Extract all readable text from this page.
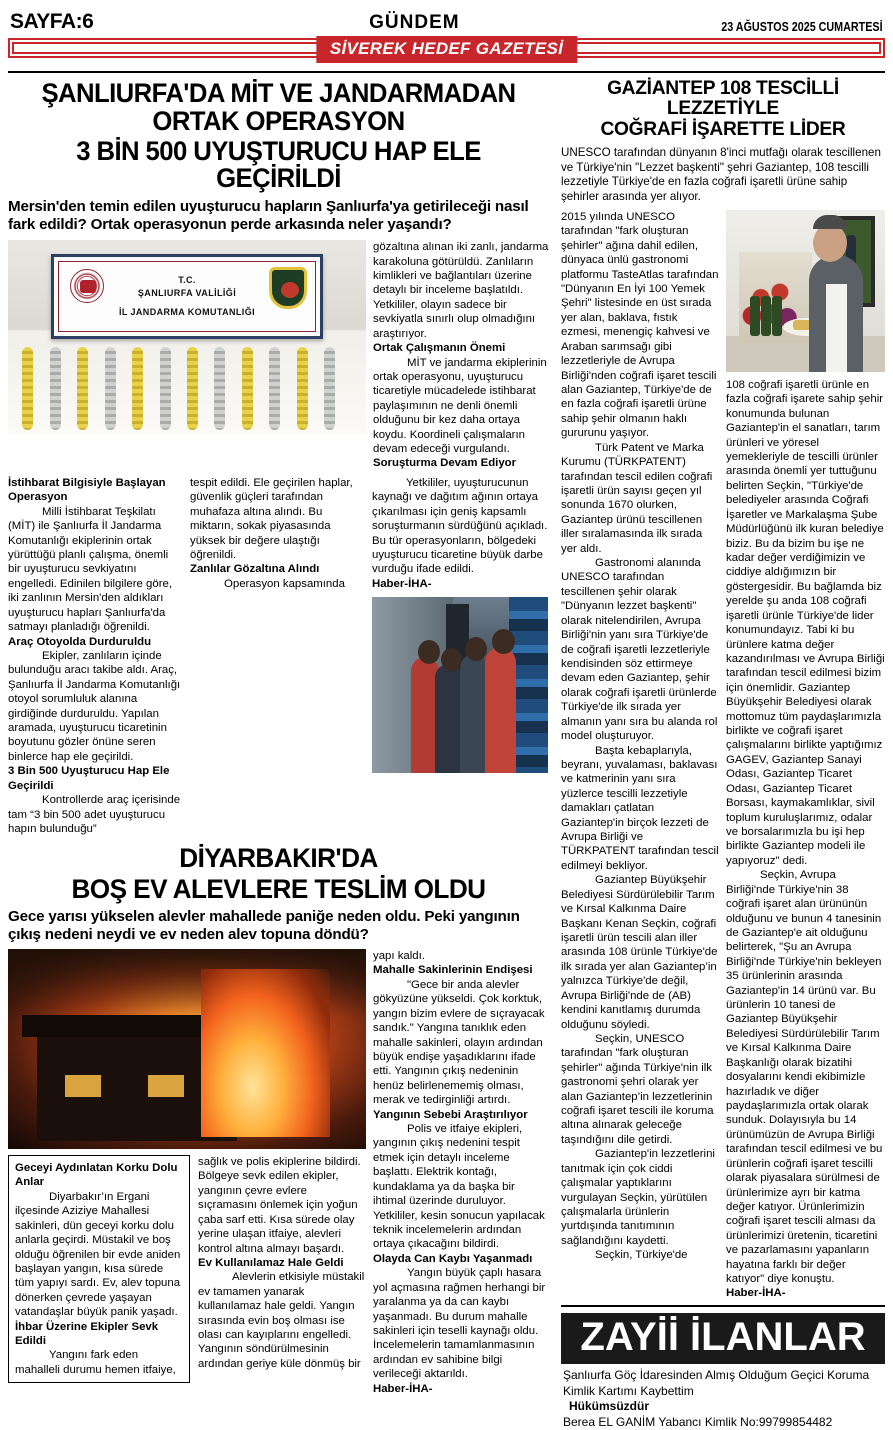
SAYFA:6	GÜNDEM	23 AĞUSTOS 2025 CUMARTESİ
SİVEREK HEDEF GAZETESİ
ŞANLIURFA'DA MİT VE JANDARMADAN ORTAK OPERASYON
3 BİN 500 UYUŞTURUCU HAP ELE GEÇİRİLDİ
Mersin'den temin edilen uyuşturucu hapların Şanlıurfa'ya getirileceği nasıl fark edildi? Ortak operasyonun perde arkasında neler yaşandı?
T.C.
ŞANLIURFA VALİLİĞİ
İL JANDARMA KOMUTANLIĞI

gözaltına alınan iki zanlı, jandarma karakoluna götürüldü. Zanlıların kimlikleri ve bağlantıları üzerine detaylı bir inceleme başlatıldı. Yetkililer, olayın sadece bir sevkiyatla sınırlı olup olmadığını araştırıyor.

Ortak Çalışmanın Önemi

MİT ve jandarma ekiplerinin ortak operasyonu, uyuşturucu ticaretiyle mücadelede istihbarat paylaşımının ne denli önemli olduğunu bir kez daha ortaya koydu. Koordineli çalışmaların devam edeceği vurgulandı.

Soruşturma Devam Ediyor

İstihbarat Bilgisiyle Başlayan Operasyon

Milli İstihbarat Teşkilatı (MİT) ile Şanlıurfa İl Jandarma Komutanlığı ekiplerinin ortak yürüttüğü planlı çalışma, önemli bir uyuşturucu sevkiyatını engelledi. Edinilen bilgilere göre, iki zanlının Mersin'den aldıkları uyuşturucu hapları Şanlıurfa'da satmayı planladığı öğrenildi.

Araç Otoyolda Durduruldu

Ekipler, zanlıların içinde bulunduğu aracı takibe aldı. Araç, Şanlıurfa İl Jandarma Komutanlığı otoyol sorumluluk alanına girdiğinde durduruldu. Yapılan aramada, uyuşturucu ticaretinin boyutunu gözler önüne seren binlerce hap ele geçirildi.

3 Bin 500 Uyuşturucu Hap Ele Geçirildi

Kontrollerde araç içerisinde tam “3 bin 500 adet uyuşturucu hapın bulunduğu”

tespit edildi. Ele geçirilen haplar, güvenlik güçleri tarafından muhafaza altına alındı. Bu miktarın, sokak piyasasında yüksek bir değere ulaştığı öğrenildi.

Zanlılar Gözaltına Alındı

Operasyon kapsamında

Yetkililer, uyuşturucunun kaynağı ve dağıtım ağının ortaya çıkarılması için geniş kapsamlı soruşturmanın sürdüğünü açıkladı. Bu tür operasyonların, bölgedeki uyuşturucu ticaretine büyük darbe vurduğu ifade edildi.

Haber-İHA-

DİYARBAKIR'DA
BOŞ EV ALEVLERE TESLİM OLDU
Gece yarısı yükselen alevler mahallede paniğe neden oldu. Peki yangının çıkış nedeni neydi ve ev neden alev topuna döndü?

Geceyi Aydınlatan Korku Dolu Anlar

Diyarbakır’ın Ergani ilçesinde Aziziye Mahallesi sakinleri, dün geceyi korku dolu anlarla geçirdi. Müstakil ve boş olduğu öğrenilen bir evde aniden başlayan yangın, kısa sürede tüm yapıyı sardı. Ev, alev topuna dönerken çevrede yaşayan vatandaşlar büyük panik yaşadı.

İhbar Üzerine Ekipler Sevk Edildi

Yangını fark eden mahalleli durumu hemen itfaiye,

sağlık ve polis ekiplerine bildirdi. Bölgeye sevk edilen ekipler, yangının çevre evlere sıçramasını önlemek için yoğun çaba sarf etti. Kısa sürede olay yerine ulaşan itfaiye, alevleri kontrol altına almayı başardı.

Ev Kullanılamaz Hale Geldi

Alevlerin etkisiyle müstakil ev tamamen yanarak kullanılamaz hale geldi. Yangın sırasında evin boş olması ise olası can kayıplarını engelledi. Yangının söndürülmesinin ardından geriye küle dönmüş bir

yapı kaldı.

Mahalle Sakinlerinin Endişesi

"Gece bir anda alevler gökyüzüne yükseldi. Çok korktuk, yangın bizim evlere de sıçrayacak sandık." Yangına tanıklık eden mahalle sakinleri, olayın ardından büyük endişe yaşadıklarını ifade etti. Yangının çıkış nedeninin henüz belirlenememiş olması, merak ve tedirginliği artırdı.

Yangının Sebebi Araştırılıyor

Polis ve itfaiye ekipleri, yangının çıkış nedenini tespit etmek için detaylı inceleme başlattı. Elektrik kontağı, kundaklama ya da başka bir ihtimal üzerinde duruluyor. Yetkililer, kesin sonucun yapılacak teknik incelemelerin ardından ortaya çıkacağını bildirdi.

Olayda Can Kaybı Yaşanmadı

Yangın büyük çaplı hasara yol açmasına rağmen herhangi bir yaralanma ya da can kaybı yaşanmadı. Bu durum mahalle sakinleri için teselli kaynağı oldu. İncelemelerin tamamlanmasının ardından ev sahibine bilgi verileceği aktarıldı.

Haber-İHA-

GAZİANTEP 108 TESCİLLİ LEZZETİYLE
COĞRAFİ İŞARETTE LİDER
UNESCO tarafından dünyanın 8'inci mutfağı olarak tescillenen ve Türkiye'nin "Lezzet başkenti" şehri Gaziantep, 108 tescilli lezzetiyle Türkiye'de en fazla coğrafi işaretli ürüne sahip şehirler arasında yer alıyor.

2015 yılında UNESCO tarafından "fark oluşturan şehirler" ağına dahil edilen, dünyaca ünlü gastronomi platformu TasteAtlas tarafından "Dünyanın En İyi 100 Yemek Şehri" listesinde en üst sırada yer alan, baklava, fıstık ezmesi, menengiç kahvesi ve Araban sarımsağı gibi lezzetleriyle de Avrupa Birliği'nden coğrafi işaret tescili alan Gaziantep, Türkiye'de de en fazla coğrafi işaretli ürüne sahip şehir olmanın haklı gururunu yaşıyor.

Türk Patent ve Marka Kurumu (TÜRKPATENT) tarafından tescil edilen coğrafi işaretli ürün sayısı geçen yıl sonunda 1670 olurken, Gaziantep ürünü tescillenen iller sıralamasında ilk sırada yer aldı.

Gastronomi alanında UNESCO tarafından tescillenen şehir olarak "Dünyanın lezzet başkenti" olarak nitelendirilen, Avrupa Birliği'nin yanı sıra Türkiye'de de coğrafi işaretli lezzetleriyle kendisinden söz ettirmeye devam eden Gaziantep, şehir olarak coğrafi işaretli ürünlerde Türkiye'de ilk sırada yer almanın yanı sıra bu alanda rol model oluşturuyor.

Başta kebaplarıyla, beyranı, yuvalaması, baklavası ve katmerinin yanı sıra yüzlerce tescilli lezzetiyle damakları çatlatan Gaziantep'in birçok lezzeti de Avrupa Birliği ve TÜRKPATENT tarafından tescil edilmeyi bekliyor.

Gaziantep Büyükşehir Belediyesi Sürdürülebilir Tarım ve Kırsal Kalkınma Daire Başkanı Kenan Seçkin, coğrafi işaretli ürün tescili alan iller arasında 108 ürünle Türkiye'de ilk sırada yer alan Gaziantep’in yalnızca Türkiye'de değil, Avrupa Birliği'nde de (AB) kendini kanıtlamış durumda olduğunu söyledi.

Seçkin, UNESCO tarafından "fark oluşturan şehirler" ağında Türkiye'nin ilk gastronomi şehri olarak yer alan Gaziantep’in lezzetlerinin coğrafi işaret tescili ile koruma altına alınarak geleceğe taşındığını dile getirdi.

Gaziantep'in lezzetlerini tanıtmak için çok ciddi çalışmalar yaptıklarını vurgulayan Seçkin, yürütülen çalışmalarla ürünlerin yurtdışında tanıtımının sağlandığını kaydetti.

Seçkin, Türkiye'de

108 coğrafi işaretli ürünle en fazla coğrafi işarete sahip şehir konumunda bulunan Gaziantep'in el sanatları, tarım ürünleri ve yöresel yemekleriyle de tescilli ürünler arasında önemli yer tuttuğunu belirten Seçkin, "Türkiye'de belediyeler arasında Coğrafi İşaretler ve Markalaşma Şube Müdürlüğünü ilk kuran belediye biziz. Bu da bizim bu işe ne kadar değer verdiğimizin ve ciddiye aldığımızın bir göstergesidir. Bu bağlamda biz yerelde şu anda 108 coğrafi işaretli ürünle Türkiye'de lider konumundayız. Tabi ki bu ürünlere katma değer kazandırılması ve Avrupa Birliği tarafından tescil edilmesi bizim için önemlidir. Gaziantep Büyükşehir Belediyesi olarak mottomuz tüm paydaşlarımızla birlikte ve coğrafi işaret çalışmalarını birlikte yaptığımız GAGEV, Gaziantep Sanayi Odası, Gaziantep Ticaret Odası, Gaziantep Ticaret Borsası, kaymakamlıklar, sivil toplum kuruluşlarımız, odalar ve borsalarımızla bu işi hep birlikte Gaziantep modeli ile yapıyoruz" dedi.

Seçkin, Avrupa Birliği'nde Türkiye'nin 38 coğrafi işaret alan ürününün olduğunu ve bunun 4 tanesinin de Gaziantep'e ait olduğunu belirterek, "Şu an Avrupa Birliği'nde Türkiye'nin bekleyen 35 ürünlerinin arasında Gaziantep'in 14 ürünü var. Bu ürünlerin 10 tanesi de Gaziantep Büyükşehir Belediyesi Sürdürülebilir Tarım ve Kırsal Kalkınma Daire Başkanlığı olarak bizatihi dosyalarını kendi ekibimizle hazırladık ve diğer paydaşlarımızla ortak olarak sunduk. Dolayısıyla bu 14 ürünümüzün de Avrupa Birliği tarafından tescil edilmesi ve bu ürünlerin coğrafi işaret tescilli olarak piyasalara sürülmesi de ürünlerimize ayrı bir katma değer katıyor. Ürünlerimizin coğrafi işaret tescili alması da ürünlerimizi üretenin, ticaretini ve pazarlamasını yapanların hayatına farklı bir değer katıyor" diye konuştu.

Haber-İHA-

ZAYİİ İLANLAR
Şanlıurfa Göç İdaresinden Almış Olduğum Geçici Koruma Kimlik Kartımı Kaybettim
Hükümsüzdür
Berea EL GANİM Yabancı Kimlik No:99799854482
